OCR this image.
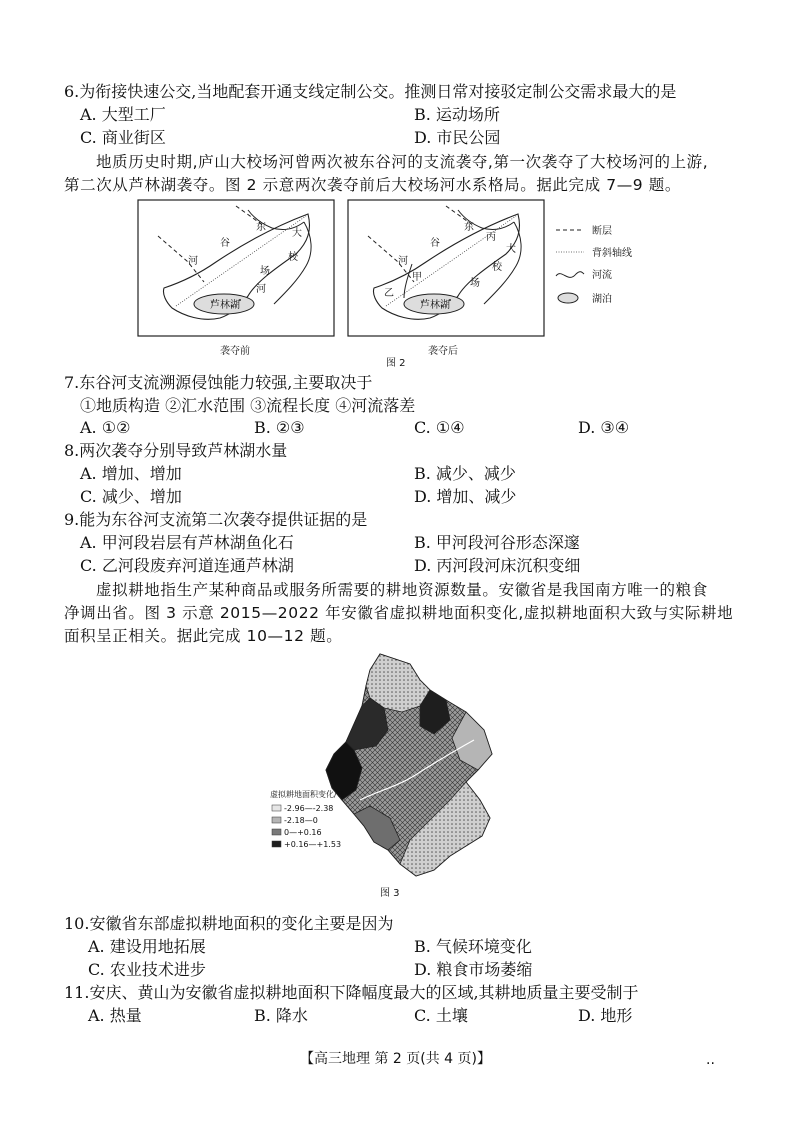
6.为衔接快速公交,当地配套开通支线定制公交。推测日常对接驳定制公交需求最大的是
A. 大型工厂	B. 运动场所
C. 商业街区	D. 市民公园
地质历史时期,庐山大校场河曾两次被东谷河的支流袭夺,第一次袭夺了大校场河的上游,
第二次从芦林湖袭夺。图 2 示意两次袭夺前后大校场河水系格局。据此完成 7—9 题。
芦林湖
东
谷
河
大
校
场
河
袭夺前
芦林湖
东
丙
谷
河
大
校
场
甲
乙
袭夺后
断层
背斜轴线
河流
湖泊
图 2
7.东谷河支流溯源侵蚀能力较强,主要取决于
①地质构造 ②汇水范围 ③流程长度 ④河流落差
A. ①②	B. ②③	C. ①④	D. ③④
8.两次袭夺分别导致芦林湖水量
A. 增加、增加	B. 减少、减少
C. 减少、增加	D. 增加、减少
9.能为东谷河支流第二次袭夺提供证据的是
A. 甲河段岩层有芦林湖鱼化石	B. 甲河段河谷形态深邃
C. 乙河段废弃河道连通芦林湖	D. 丙河段河床沉积变细
虚拟耕地指生产某种商品或服务所需要的耕地资源数量。安徽省是我国南方唯一的粮食
净调出省。图 3 示意 2015—2022 年安徽省虚拟耕地面积变化,虚拟耕地面积大致与实际耕地
面积呈正相关。据此完成 10—12 题。
虚拟耕地面积变化/%
-2.96—-2.38
-2.18—0
0—+0.16
+0.16—+1.53
图 3
10.安徽省东部虚拟耕地面积的变化主要是因为
A. 建设用地拓展	B. 气候环境变化
C. 农业技术进步	D. 粮食市场萎缩
11.安庆、黄山为安徽省虚拟耕地面积下降幅度最大的区域,其耕地质量主要受制于
A. 热量	B. 降水	C. 土壤	D. 地形
【高三地理 第 2 页(共 4 页)】	..
